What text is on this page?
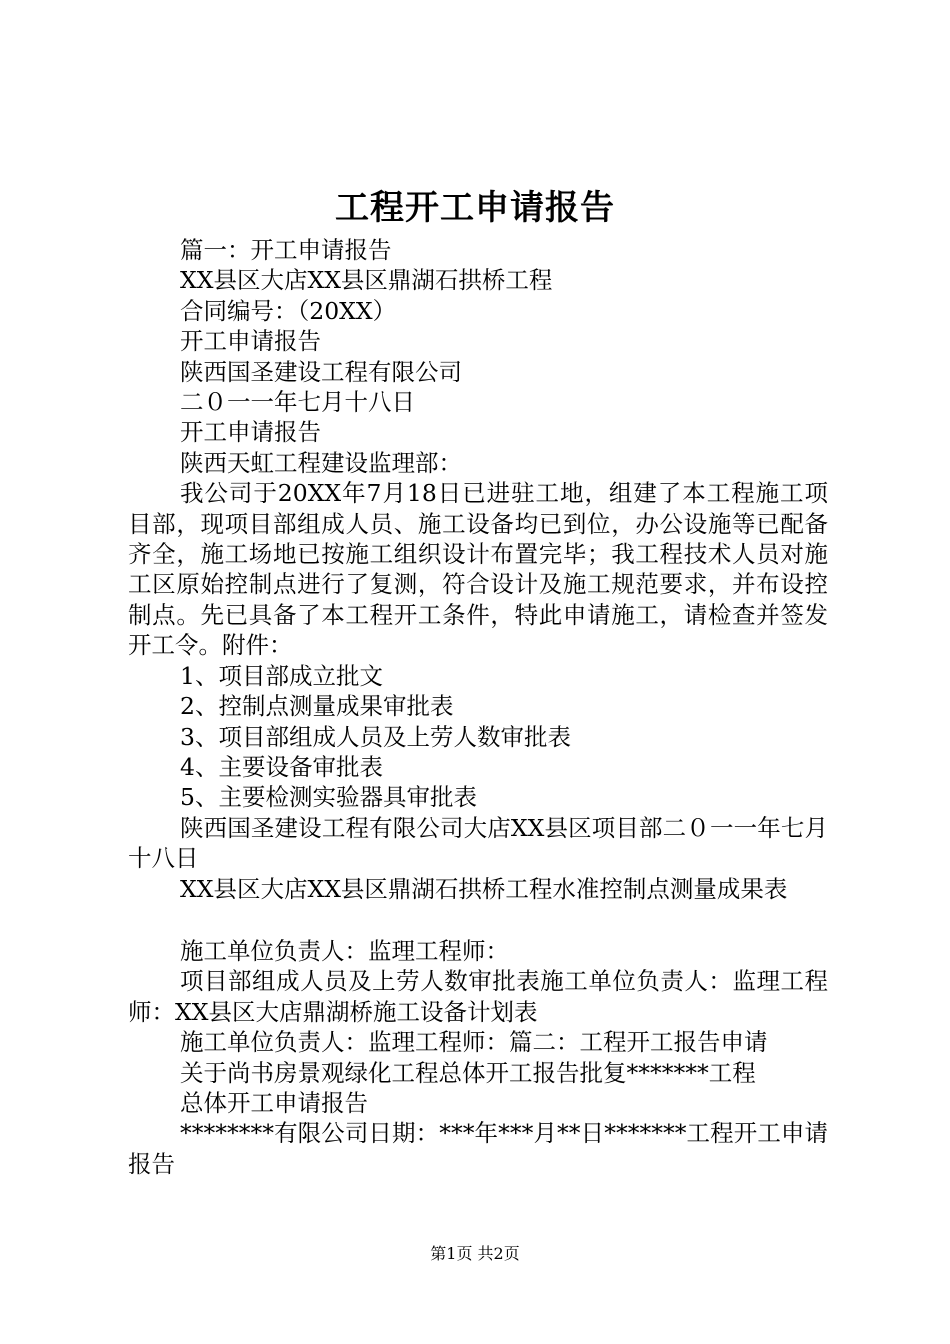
工程开工申请报告

篇一：开工申请报告

XX县区大店XX县区鼎湖石拱桥工程

合同编号：（20XX）

开工申请报告

陕西国圣建设工程有限公司

二０一一年七月十八日

开工申请报告

陕西天虹工程建设监理部：

我公司于20XX年7月18日已进驻工地，组建了本工程施工项目部，现项目部组成人员、施工设备均已到位，办公设施等已配备齐全，施工场地已按施工组织设计布置完毕；我工程技术人员对施工区原始控制点进行了复测，符合设计及施工规范要求，并布设控制点。先已具备了本工程开工条件，特此申请施工，请检查并签发开工令。附件：

1、项目部成立批文

2、控制点测量成果审批表

3、项目部组成人员及上劳人数审批表

4、主要设备审批表

5、主要检测实验器具审批表

陕西国圣建设工程有限公司大店XX县区项目部二０一一年七月十八日

XX县区大店XX县区鼎湖石拱桥工程水准控制点测量成果表

施工单位负责人：监理工程师：

项目部组成人员及上劳人数审批表施工单位负责人：监理工程师：XX县区大店鼎湖桥施工设备计划表

施工单位负责人：监理工程师：篇二：工程开工报告申请

关于尚书房景观绿化工程总体开工报告批复*******工程

总体开工申请报告

********有限公司日期：***年***月**日*******工程开工申请报告

第1页 共2页
